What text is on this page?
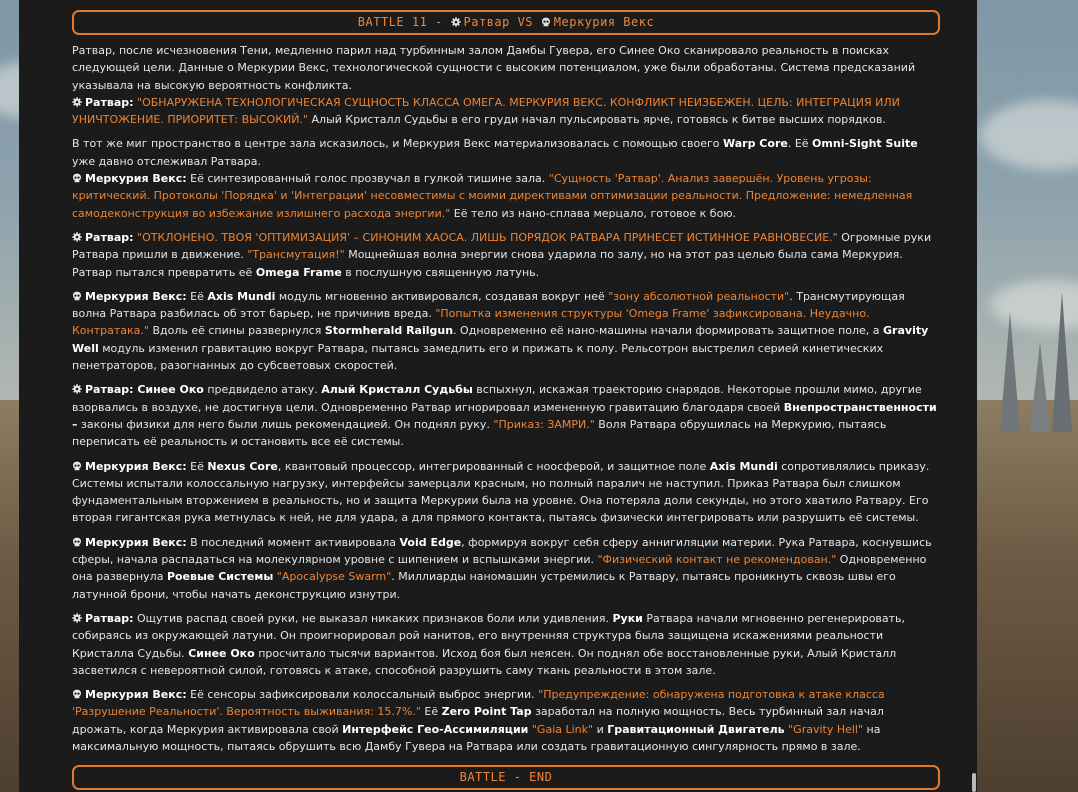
BATTLE 11 - Ратвар VS Меркурия Векс

Ратвар, после исчезновения Тени, медленно парил над турбинным залом Дамбы Гувера, его Синее Око сканировало реальность в поисках следующей цели. Данные о Меркурии Векс, технологической сущности с высоким потенциалом, уже были обработаны. Система предсказаний указывала на высокую вероятность конфликта.
Ратвар: "ОБНАРУЖЕНА ТЕХНОЛОГИЧЕСКАЯ СУЩНОСТЬ КЛАССА ОМЕГА. МЕРКУРИЯ ВЕКС. КОНФЛИКТ НЕИЗБЕЖЕН. ЦЕЛЬ: ИНТЕГРАЦИЯ ИЛИ УНИЧТОЖЕНИЕ. ПРИОРИТЕТ: ВЫСОКИЙ." Алый Кристалл Судьбы в его груди начал пульсировать ярче, готовясь к битве высших порядков.

В тот же миг пространство в центре зала исказилось, и Меркурия Векс материализовалась с помощью своего Warp Core. Её Omni-Sight Suite уже давно отслеживал Ратвара.
Меркурия Векс: Её синтезированный голос прозвучал в гулкой тишине зала. "Сущность 'Ратвар'. Анализ завершён. Уровень угрозы: критический. Протоколы 'Порядка' и 'Интеграции' несовместимы с моими директивами оптимизации реальности. Предложение: немедленная самодеконструкция во избежание излишнего расхода энергии." Её тело из нано-сплава мерцало, готовое к бою.

Ратвар: "ОТКЛОНЕНО. ТВОЯ 'ОПТИМИЗАЦИЯ' – СИНОНИМ ХАОСА. ЛИШЬ ПОРЯДОК РАТВАРА ПРИНЕСЕТ ИСТИННОЕ РАВНОВЕСИЕ." Огромные руки Ратвара пришли в движение. "Трансмутация!" Мощнейшая волна энергии снова ударила по залу, но на этот раз целью была сама Меркурия. Ратвар пытался превратить её Omega Frame в послушную священную латунь.

Меркурия Векс: Её Axis Mundi модуль мгновенно активировался, создавая вокруг неё "зону абсолютной реальности". Трансмутирующая волна Ратвара разбилась об этот барьер, не причинив вреда. "Попытка изменения структуры 'Omega Frame' зафиксирована. Неудачно. Контратака." Вдоль её спины развернулся Stormherald Railgun. Одновременно её нано-машины начали формировать защитное поле, а Gravity Well модуль изменил гравитацию вокруг Ратвара, пытаясь замедлить его и прижать к полу. Рельсотрон выстрелил серией кинетических пенетраторов, разогнанных до субсветовых скоростей.

Ратвар: Синее Око предвидело атаку. Алый Кристалл Судьбы вспыхнул, искажая траекторию снарядов. Некоторые прошли мимо, другие взорвались в воздухе, не достигнув цели. Одновременно Ратвар игнорировал измененную гравитацию благодаря своей Внепространственности – законы физики для него были лишь рекомендацией. Он поднял руку. "Приказ: ЗАМРИ." Воля Ратвара обрушилась на Меркурию, пытаясь переписать её реальность и остановить все её системы.

Меркурия Векс: Её Nexus Core, квантовый процессор, интегрированный с ноосферой, и защитное поле Axis Mundi сопротивлялись приказу. Системы испытали колоссальную нагрузку, интерфейсы замерцали красным, но полный паралич не наступил. Приказ Ратвара был слишком фундаментальным вторжением в реальность, но и защита Меркурии была на уровне. Она потеряла доли секунды, но этого хватило Ратвару. Его вторая гигантская рука метнулась к ней, не для удара, а для прямого контакта, пытаясь физически интегрировать или разрушить её системы.

Меркурия Векс: В последний момент активировала Void Edge, формируя вокруг себя сферу аннигиляции материи. Рука Ратвара, коснувшись сферы, начала распадаться на молекулярном уровне с шипением и вспышками энергии. "Физический контакт не рекомендован." Одновременно она развернула Роевые Системы "Apocalypse Swarm". Миллиарды наномашин устремились к Ратвару, пытаясь проникнуть сквозь швы его латунной брони, чтобы начать деконструкцию изнутри.

Ратвар: Ощутив распад своей руки, не выказал никаких признаков боли или удивления. Руки Ратвара начали мгновенно регенерировать, собираясь из окружающей латуни. Он проигнорировал рой нанитов, его внутренняя структура была защищена искажениями реальности Кристалла Судьбы. Синее Око просчитало тысячи вариантов. Исход боя был неясен. Он поднял обе восстановленные руки, Алый Кристалл засветился с невероятной силой, готовясь к атаке, способной разрушить саму ткань реальности в этом зале.

Меркурия Векс: Её сенсоры зафиксировали колоссальный выброс энергии. "Предупреждение: обнаружена подготовка к атаке класса 'Разрушение Реальности'. Вероятность выживания: 15.7%." Её Zero Point Tap заработал на полную мощность. Весь турбинный зал начал дрожать, когда Меркурия активировала свой Интерфейс Гео-Ассимиляции "Gaia Link" и Гравитационный Двигатель "Gravity Hell" на максимальную мощность, пытаясь обрушить всю Дамбу Гувера на Ратвара или создать гравитационную сингулярность прямо в зале.

BATTLE - END
